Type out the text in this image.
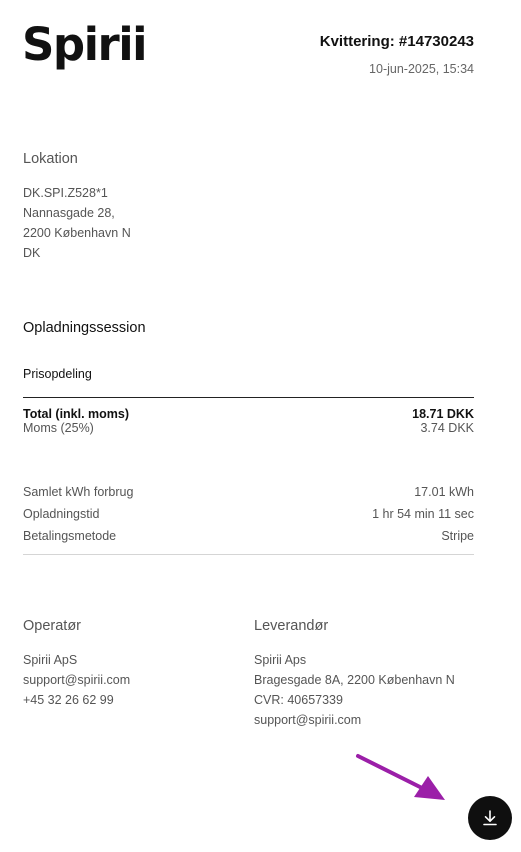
Spirii	Kvittering: #14730243
10-jun-2025, 15:34
Lokation
DK.SPI.Z528*1
Nannasgade 28,
2200 København N
DK
Opladningssession
Prisopdeling
Total (inkl. moms)	18.71 DKK
Moms (25%)	3.74 DKK
Samlet kWh forbrug	17.01 kWh
Opladningstid	1 hr 54 min 11 sec
Betalingsmetode	Stripe
Operatør
Spirii ApS
support@spirii.com
+45 32 26 62 99
Leverandør
Spirii Aps
Bragesgade 8A, 2200 København N
CVR: 40657339
support@spirii.com
